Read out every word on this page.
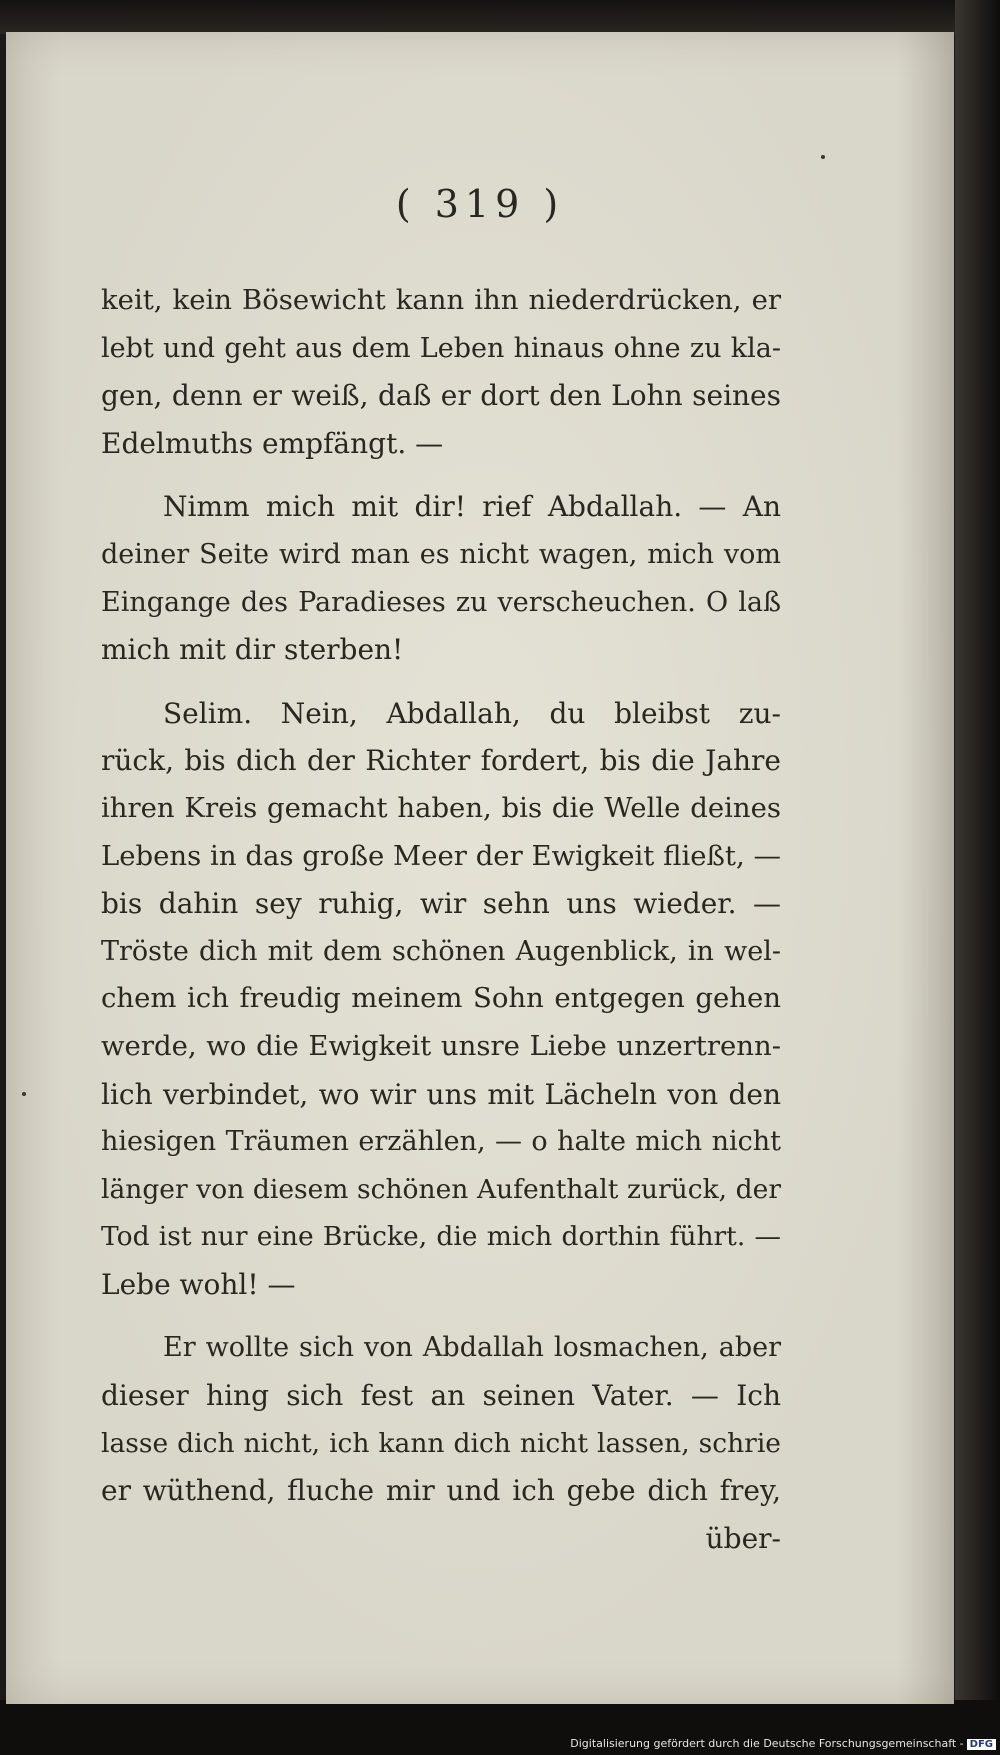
( 319 )
keit, kein Bösewicht kann ihn niederdrücken, er
lebt und geht aus dem Leben hinaus ohne zu kla-
gen, denn er weiß, daß er dort den Lohn seines
Edelmuths empfängt. —
Nimm mich mit dir! rief Abdallah. — An
deiner Seite wird man es nicht wagen, mich vom
Eingange des Paradieses zu verscheuchen. O laß
mich mit dir sterben!
Selim. Nein, Abdallah, du bleibst zu-
rück, bis dich der Richter fordert, bis die Jahre
ihren Kreis gemacht haben, bis die Welle deines
Lebens in das große Meer der Ewigkeit fließt, —
bis dahin sey ruhig, wir sehn uns wieder. —
Tröste dich mit dem schönen Augenblick, in wel-
chem ich freudig meinem Sohn entgegen gehen
werde, wo die Ewigkeit unsre Liebe unzertrenn-
lich verbindet, wo wir uns mit Lächeln von den
hiesigen Träumen erzählen, — o halte mich nicht
länger von diesem schönen Aufenthalt zurück, der
Tod ist nur eine Brücke, die mich dorthin führt. —
Lebe wohl! —
Er wollte sich von Abdallah losmachen, aber
dieser hing sich fest an seinen Vater. — Ich
lasse dich nicht, ich kann dich nicht lassen, schrie
er wüthend, fluche mir und ich gebe dich frey,
über-
Digitalisierung gefördert durch die Deutsche Forschungsgemeinschaft - DFG
